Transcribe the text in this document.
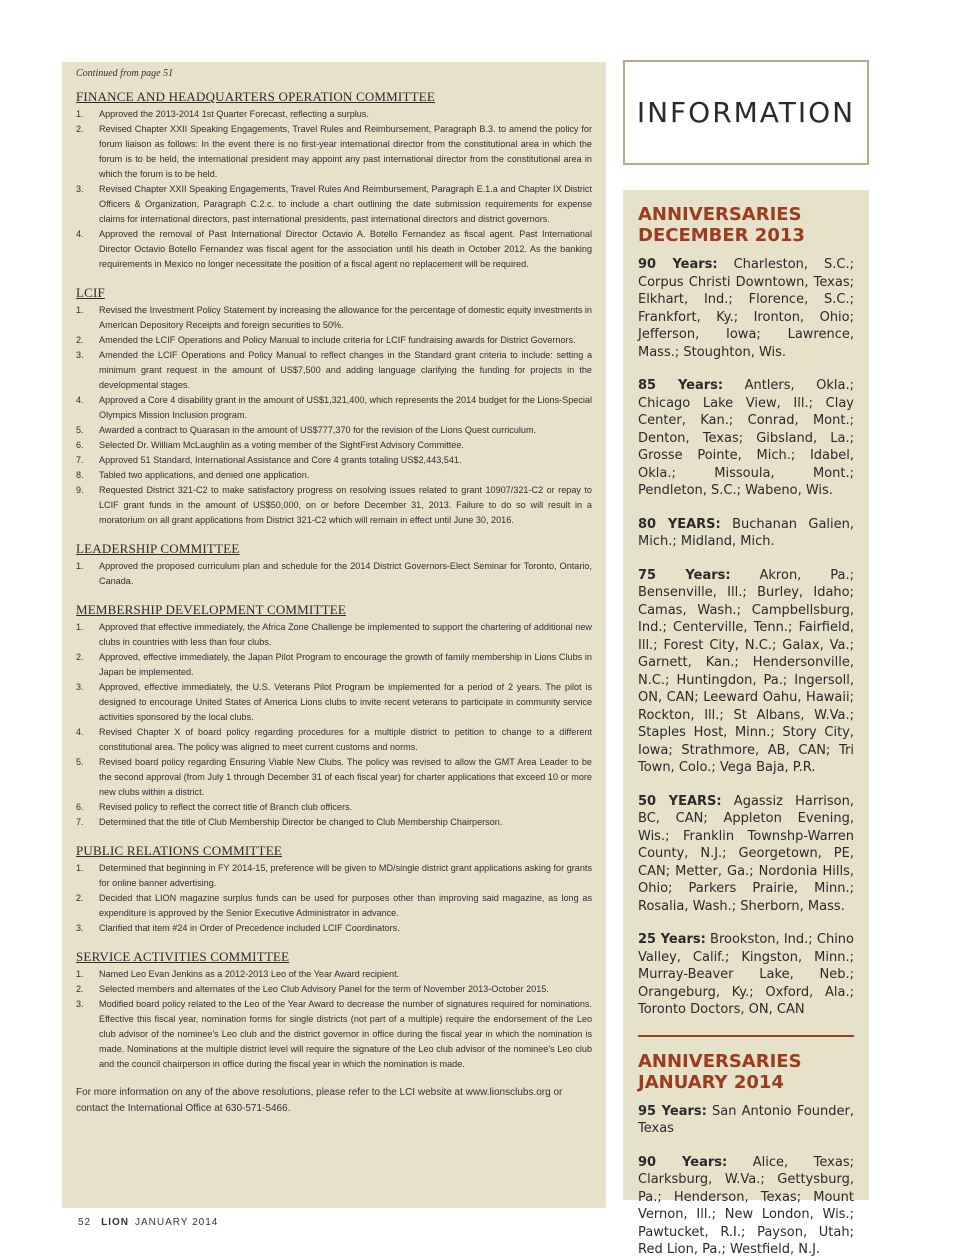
Continued from page 51

FINANCE AND HEADQUARTERS OPERATION COMMITTEE
1. Approved the 2013-2014 1st Quarter Forecast, reflecting a surplus.
2. Revised Chapter XXII Speaking Engagements, Travel Rules and Reimbursement, Paragraph B.3. to amend the policy for forum liaison as follows: In the event there is no first-year international director from the constitutional area in which the forum is to be held, the international president may appoint any past international director from the constitutional area in which the forum is to be held.
3. Revised Chapter XXII Speaking Engagements, Travel Rules And Reimbursement, Paragraph E.1.a and Chapter IX District Officers & Organization, Paragraph C.2.c. to include a chart outlining the date submission requirements for expense claims for international directors, past international presidents, past international directors and district governors.
4. Approved the removal of Past International Director Octavio A. Botello Fernandez as fiscal agent. Past International Director Octavio Botello Fernandez was fiscal agent for the association until his death in October 2012. As the banking requirements in Mexico no longer necessitate the position of a fiscal agent no replacement will be required.
LCIF
1. Revised the Investment Policy Statement by increasing the allowance for the percentage of domestic equity investments in American Depository Receipts and foreign securities to 50%.
2. Amended the LCIF Operations and Policy Manual to include criteria for LCIF fundraising awards for District Governors.
3. Amended the LCIF Operations and Policy Manual to reflect changes in the Standard grant criteria to include: setting a minimum grant request in the amount of US$7,500 and adding language clarifying the funding for projects in the developmental stages.
4. Approved a Core 4 disability grant in the amount of US$1,321,400, which represents the 2014 budget for the Lions-Special Olympics Mission Inclusion program.
5. Awarded a contract to Quarasan in the amount of US$777,370 for the revision of the Lions Quest curriculum.
6. Selected Dr. William McLaughlin as a voting member of the SightFirst Advisory Committee.
7. Approved 51 Standard, International Assistance and Core 4 grants totaling US$2,443,541.
8. Tabled two applications, and denied one application.
9. Requested District 321-C2 to make satisfactory progress on resolving issues related to grant 10907/321-C2 or repay to LCIF grant funds in the amount of US$50,000, on or before December 31, 2013. Failure to do so will result in a moratorium on all grant applications from District 321-C2 which will remain in effect until June 30, 2016.
LEADERSHIP COMMITTEE
1. Approved the proposed curriculum plan and schedule for the 2014 District Governors-Elect Seminar for Toronto, Ontario, Canada.
MEMBERSHIP DEVELOPMENT COMMITTEE
1. Approved that effective immediately, the Africa Zone Challenge be implemented to support the chartering of additional new clubs in countries with less than four clubs.
2. Approved, effective immediately, the Japan Pilot Program to encourage the growth of family membership in Lions Clubs in Japan be implemented.
3. Approved, effective immediately, the U.S. Veterans Pilot Program be implemented for a period of 2 years. The pilot is designed to encourage United States of America Lions clubs to invite recent veterans to participate in community service activities sponsored by the local clubs.
4. Revised Chapter X of board policy regarding procedures for a multiple district to petition to change to a different constitutional area. The policy was aligned to meet current customs and norms.
5. Revised board policy regarding Ensuring Viable New Clubs. The policy was revised to allow the GMT Area Leader to be the second approval (from July 1 through December 31 of each fiscal year) for charter applications that exceed 10 or more new clubs within a district.
6. Revised policy to reflect the correct title of Branch club officers.
7. Determined that the title of Club Membership Director be changed to Club Membership Chairperson.
PUBLIC RELATIONS COMMITTEE
1. Determined that beginning in FY 2014-15, preference will be given to MD/single district grant applications asking for grants for online banner advertising.
2. Decided that LION magazine surplus funds can be used for purposes other than improving said magazine, as long as expenditure is approved by the Senior Executive Administrator in advance.
3. Clarified that item #24 in Order of Precedence included LCIF Coordinators.
SERVICE ACTIVITIES COMMITTEE
1. Named Leo Evan Jenkins as a 2012-2013 Leo of the Year Award recipient.
2. Selected members and alternates of the Leo Club Advisory Panel for the term of November 2013-October 2015.
3. Modified board policy related to the Leo of the Year Award to decrease the number of signatures required for nominations. Effective this fiscal year, nomination forms for single districts (not part of a multiple) require the endorsement of the Leo club advisor of the nominee's Leo club and the district governor in office during the fiscal year in which the nomination is made. Nominations at the multiple district level will require the signature of the Leo club advisor of the nominee's Leo club and the council chairperson in office during the fiscal year in which the nomination is made.

For more information on any of the above resolutions, please refer to the LCI website at www.lionsclubs.org or contact the International Office at 630-571-5466.

INFORMATION
ANNIVERSARIES
DECEMBER 2013

90 Years: Charleston, S.C.; Corpus Christi Downtown, Texas; Elkhart, Ind.; Florence, S.C.; Frankfort, Ky.; Ironton, Ohio; Jefferson, Iowa; Lawrence, Mass.; Stoughton, Wis.

85 Years: Antlers, Okla.; Chicago Lake View, Ill.; Clay Center, Kan.; Conrad, Mont.; Denton, Texas; Gibsland, La.; Grosse Pointe, Mich.; Idabel, Okla.; Missoula, Mont.; Pendleton, S.C.; Wabeno, Wis.

80 YEARS: Buchanan Galien, Mich.; Midland, Mich.

75 Years: Akron, Pa.; Bensenville, Ill.; Burley, Idaho; Camas, Wash.; Campbellsburg, Ind.; Centerville, Tenn.; Fairfield, Ill.; Forest City, N.C.; Galax, Va.; Garnett, Kan.; Hendersonville, N.C.; Huntingdon, Pa.; Ingersoll, ON, CAN; Leeward Oahu, Hawaii; Rockton, Ill.; St Albans, W.Va.; Staples Host, Minn.; Story City, Iowa; Strathmore, AB, CAN; Tri Town, Colo.; Vega Baja, P.R.

50 YEARS: Agassiz Harrison, BC, CAN; Appleton Evening, Wis.; Franklin Townshp-Warren County, N.J.; Georgetown, PE, CAN; Metter, Ga.; Nordonia Hills, Ohio; Parkers Prairie, Minn.; Rosalia, Wash.; Sherborn, Mass.

25 Years: Brookston, Ind.; Chino Valley, Calif.; Kingston, Minn.; Murray-Beaver Lake, Neb.; Orangeburg, Ky.; Oxford, Ala.; Toronto Doctors, ON, CAN

ANNIVERSARIES
JANUARY 2014

95 Years: San Antonio Founder, Texas

90 Years: Alice, Texas; Clarksburg, W.Va.; Gettysburg, Pa.; Henderson, Texas; Mount Vernon, Ill.; New London, Wis.; Pawtucket, R.I.; Payson, Utah; Red Lion, Pa.; Westfield, N.J.

52 LION JANUARY 2014
